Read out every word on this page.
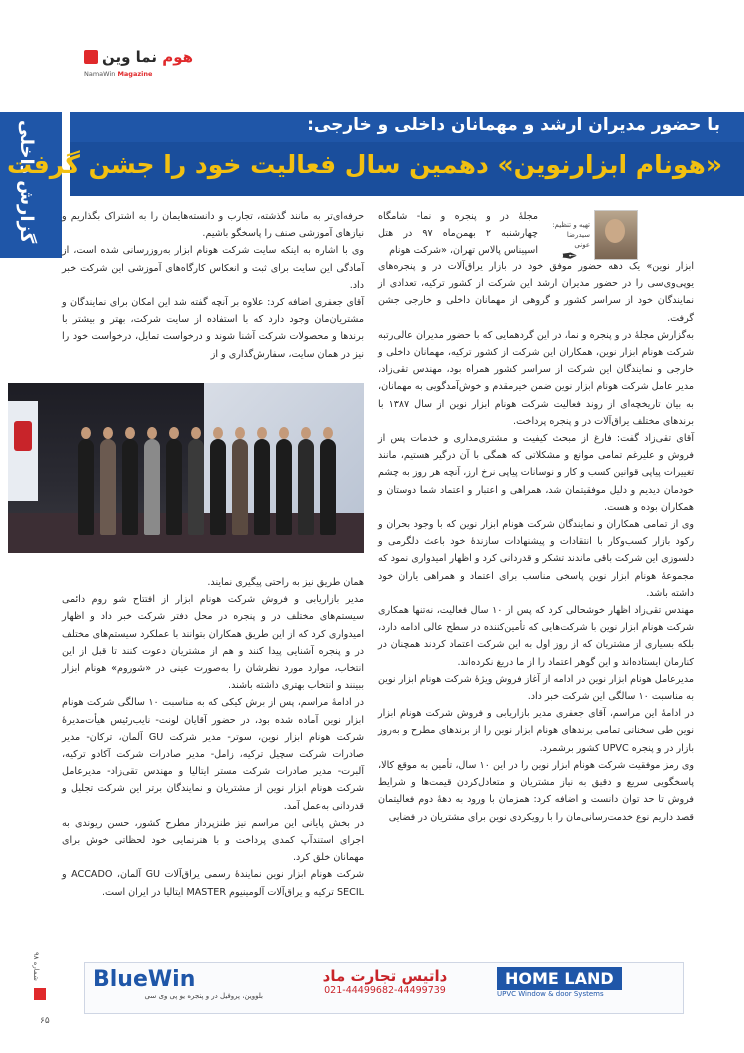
هوم نما وین
NamaWin Magazine
گزارش داخلی	با حضور مدیران ارشد و مهمانان داخلی و خارجی:
«هونام ابزارنوین» دهمین سال فعالیت خود را جشن گرفت
تهیه و تنظیم: سیدرضا عونی
✒

مجلهٔ در و پنجره و نما- شامگاه چهارشنبه ۲ بهمن‌ماه ۹۷ در هتل اسپیناس پالاس تهران، «شرکت هونام

ابزار نوین» یک دهه حضور موفق خود در بازار یراق‌آلات در و پنجره‌های یوپی‌وی‌سی را در حضور مدیران ارشد این شرکت از کشور ترکیه، تعدادی از نمایندگان خود از سراسر کشور و گروهی از مهمانان داخلی و خارجی جشن گرفت.

به‌گزارش مجلهٔ در و پنجره و نما، در این گردهمایی که با حضور مدیران عالی‌رتبه شرکت هونام ابزار نوین، همکاران این شرکت از کشور ترکیه، مهمانان داخلی و خارجی و نمایندگان این شرکت از سراسر کشور همراه بود، مهندس تقی‌زاد، مدیر عامل شرکت هونام ابزار نوین ضمن خیرمقدم و خوش‌آمدگویی به مهمانان، به بیان تاریخچه‌ای از روند فعالیت شرکت هونام ابزار نوین از سال ۱۳۸۷ با برندهای مختلف یراق‌آلات در و پنجره پرداخت.

آقای تقی‌زاد گفت: فارغ از مبحث کیفیت و مشتری‌مداری و خدمات پس از فروش و علیرغم تمامی موانع و مشکلاتی که همگی با آن درگیر هستیم، مانند تغییرات پیاپی قوانین کسب و کار و نوسانات پیاپی نرخ ارز، آنچه هر روز به چشم خودمان دیدیم و دلیل موفقیتمان شد، همراهی و اعتبار و اعتماد شما دوستان و همکاران بوده و هست.

وی از تمامی همکاران و نمایندگان شرکت هونام ابزار نوین که با وجود بحران و رکود بازار کسب‌وکار با انتقادات و پیشنهادات سازندهٔ خود باعث دلگرمی و دلسوزی این شرکت باقی ماندند تشکر و قدردانی کرد و اظهار امیدواری نمود که مجموعهٔ هونام ابزار نوین پاسخی مناسب برای اعتماد و همراهی یاران خود داشته باشد.

مهندس تقی‌زاد اظهار خوشحالی کرد که پس از ۱۰ سال فعالیت، نه‌تنها همکاری شرکت هونام ابزار نوین با شرکت‌هایی که تأمین‌کننده در سطح عالی ادامه دارد، بلکه بسیاری از مشتریان که از روز اول به این شرکت اعتماد کردند همچنان در کنارمان ایستاده‌اند و این گوهر اعتماد را از ما دریغ نکرده‌اند.

مدیرعامل هونام ابزار نوین در ادامه از آغاز فروش ویژهٔ شرکت هونام ابزار نوین به مناسبت ۱۰ سالگی این شرکت خبر داد.

در ادامهٔ این مراسم، آقای جعفری مدیر بازاریابی و فروش شرکت هونام ابزار نوین طی سخنانی تمامی برندهای هونام ابزار نوین را از برندهای مطرح و به‌روز بازار در و پنجره UPVC کشور برشمرد.

وی رمز موفقیت شرکت هونام ابزار نوین را در این ۱۰ سال، تأمین به موقع کالا، پاسخگویی سریع و دقیق به نیاز مشتریان و متعادل‌کردن قیمت‌ها و شرایط فروش تا حد توان دانست و اضافه کرد: همزمان با ورود به دههٔ دوم فعالیتمان قصد داریم نوع خدمت‌رسانی‌مان را با رویکردی نوین برای مشتریان در فضایی

حرفه‌ای‌تر به مانند گذشته، تجارب و دانسته‌هایمان را به اشتراک بگذاریم و نیازهای آموزشی صنف را پاسخگو باشیم.

وی با اشاره به اینکه سایت شرکت هونام ابزار به‌روزرسانی شده است، از آمادگی این سایت برای ثبت و انعکاس کارگاه‌های آموزشی این شرکت خبر داد.

آقای جعفری اضافه کرد: علاوه بر آنچه گفته شد این امکان برای نمایندگان و مشتریان‌مان وجود دارد که با استفاده از سایت شرکت، بهتر و بیشتر با برندها و محصولات شرکت آشنا شوند و درخواست تمایل، درخواست خود را نیز در همان سایت، سفارش‌گذاری و از

همان طریق نیز به راحتی پیگیری نمایند.

مدیر بازاریابی و فروش شرکت هونام ابزار از افتتاح شو روم دائمی سیستم‌های مختلف در و پنجره در محل دفتر شرکت خبر داد و اظهار امیدواری کرد که از این طریق همکاران بتوانند با عملکرد سیستم‌های مختلف در و پنجره آشنایی پیدا کنند و هم از مشتریان دعوت کنند تا قبل از این انتخاب، موارد مورد نظرشان را به‌صورت عینی در «شوروم» هونام ابزار ببینند و انتخاب بهتری داشته باشند.

در ادامهٔ مراسم، پس از برش کیکی که به مناسبت ۱۰ سالگی شرکت هونام ابزار نوین آماده شده بود، در حضور آقایان لونت- نایب‌رئیس هیأت‌مدیرهٔ شرکت هونام ابزار نوین، سوتر- مدیر شرکت GU آلمان، ترکان- مدیر صادرات شرکت سچیل ترکیه، زامل- مدیر صادرات شرکت آکادو ترکیه، آلبرت- مدیر صادرات شرکت مستر ایتالیا و مهندس تقی‌زاد- مدیرعامل شرکت هونام ابزار نوین از مشتریان و نمایندگان برتر این شرکت تجلیل و قدردانی به‌عمل آمد.

در بخش پایانی این مراسم نیز طنزپرداز مطرح کشور، حسن ریوندی به اجرای استندآپ کمدی پرداخت و با هنرنمایی خود لحظاتی خوش برای مهمانان خلق کرد.

شرکت هونام ابزار نوین نمایندهٔ رسمی یراق‌آلات GU آلمان، ACCADO و SECIL ترکیه و یراق‌آلات آلومینیوم MASTER ایتالیا در ایران است.

شماره ۹۸
۶۵
BlueWin
بلووین، پروفیل در و پنجره یو پی وی سی
داتیس تجارت ماد
021-44499682-44499739
HOME LAND
UPVC Window & door Systems
